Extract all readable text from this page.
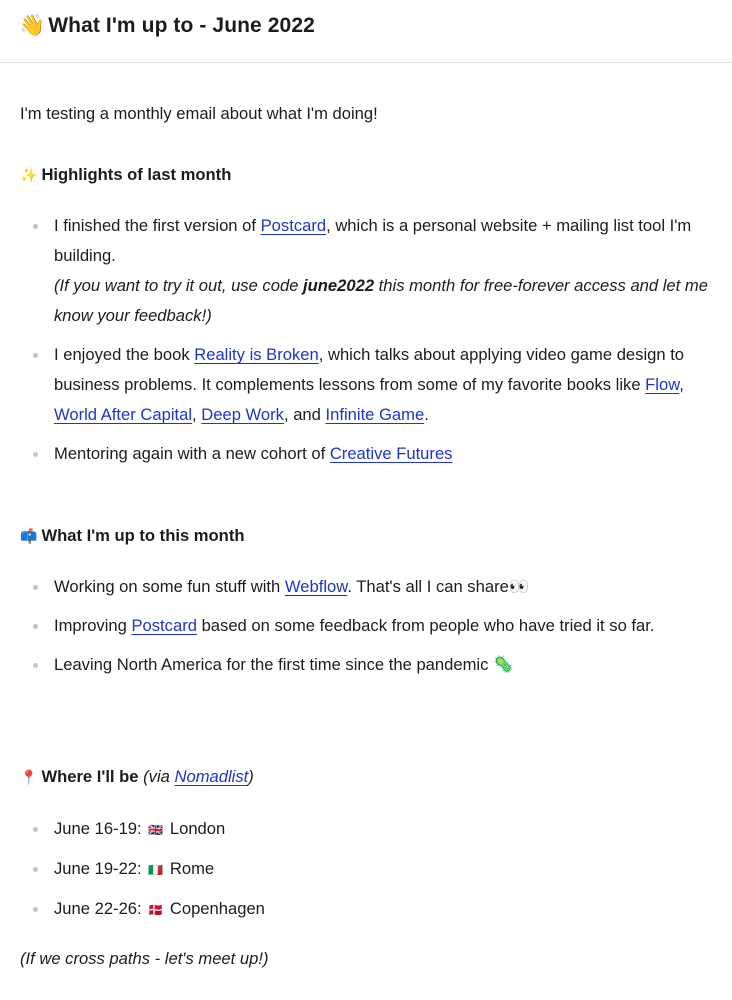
👋 What I'm up to - June 2022

I'm testing a monthly email about what I'm doing!

✨ Highlights of last month
I finished the first version of Postcard, which is a personal website + mailing list tool I'm building.
(If you want to try it out, use code june2022 this month for free-forever access and let me know your feedback!)
I enjoyed the book Reality is Broken, which talks about applying video game design to business problems. It complements lessons from some of my favorite books like Flow, World After Capital, Deep Work, and Infinite Game.
Mentoring again with a new cohort of Creative Futures
📫 What I'm up to this month
Working on some fun stuff with Webflow. That's all I can share👀
Improving Postcard based on some feedback from people who have tried it so far.
Leaving North America for the first time since the pandemic 🦠
📍 Where I'll be (via Nomadlist)
June 16-19: 🇬🇧 London
June 19-22: 🇮🇹 Rome
June 22-26: 🇩🇰 Copenhagen

(If we cross paths - let's meet up!)
